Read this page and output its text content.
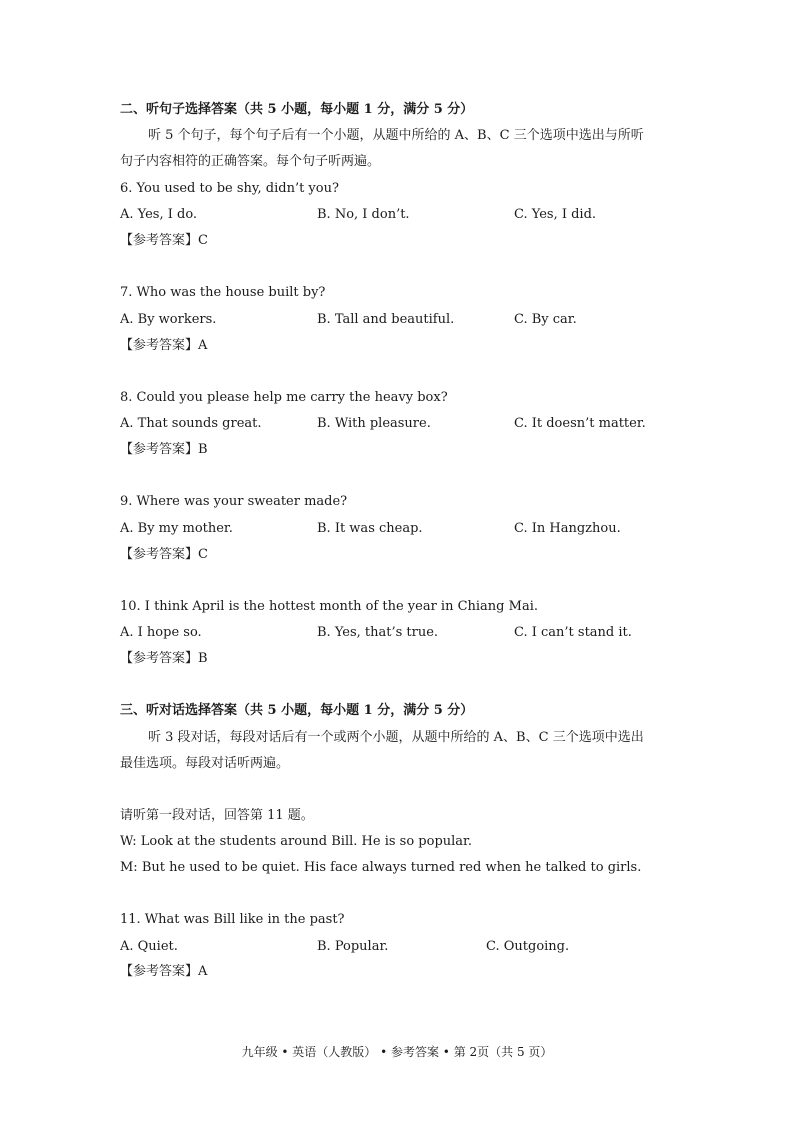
二、听句子选择答案（共 5 小题，每小题 1 分，满分 5 分）
听 5 个句子，每个句子后有一个小题，从题中所给的 A、B、C 三个选项中选出与所听
句子内容相符的正确答案。每个句子听两遍。
6. You used to be shy, didn’t you?
A. Yes, I do.	B. No, I don’t.	C. Yes, I did.
【参考答案】C
7. Who was the house built by?
A. By workers.	B. Tall and beautiful.	C. By car.
【参考答案】A
8. Could you please help me carry the heavy box?
A. That sounds great.	B. With pleasure.	C. It doesn’t matter.
【参考答案】B
9. Where was your sweater made?
A. By my mother.	B. It was cheap.	C. In Hangzhou.
【参考答案】C
10. I think April is the hottest month of the year in Chiang Mai.
A. I hope so.	B. Yes, that’s true.	C. I can’t stand it.
【参考答案】B
三、听对话选择答案（共 5 小题，每小题 1 分，满分 5 分）
听 3 段对话，每段对话后有一个或两个小题，从题中所给的 A、B、C 三个选项中选出
最佳选项。每段对话听两遍。
请听第一段对话，回答第 11 题。
W: Look at the students around Bill. He is so popular.
M: But he used to be quiet. His face always turned red when he talked to girls.
11. What was Bill like in the past?
A. Quiet.	B. Popular.	C. Outgoing.
【参考答案】A
九年级 • 英语（人教版） • 参考答案 • 第 2页（共 5 页）
